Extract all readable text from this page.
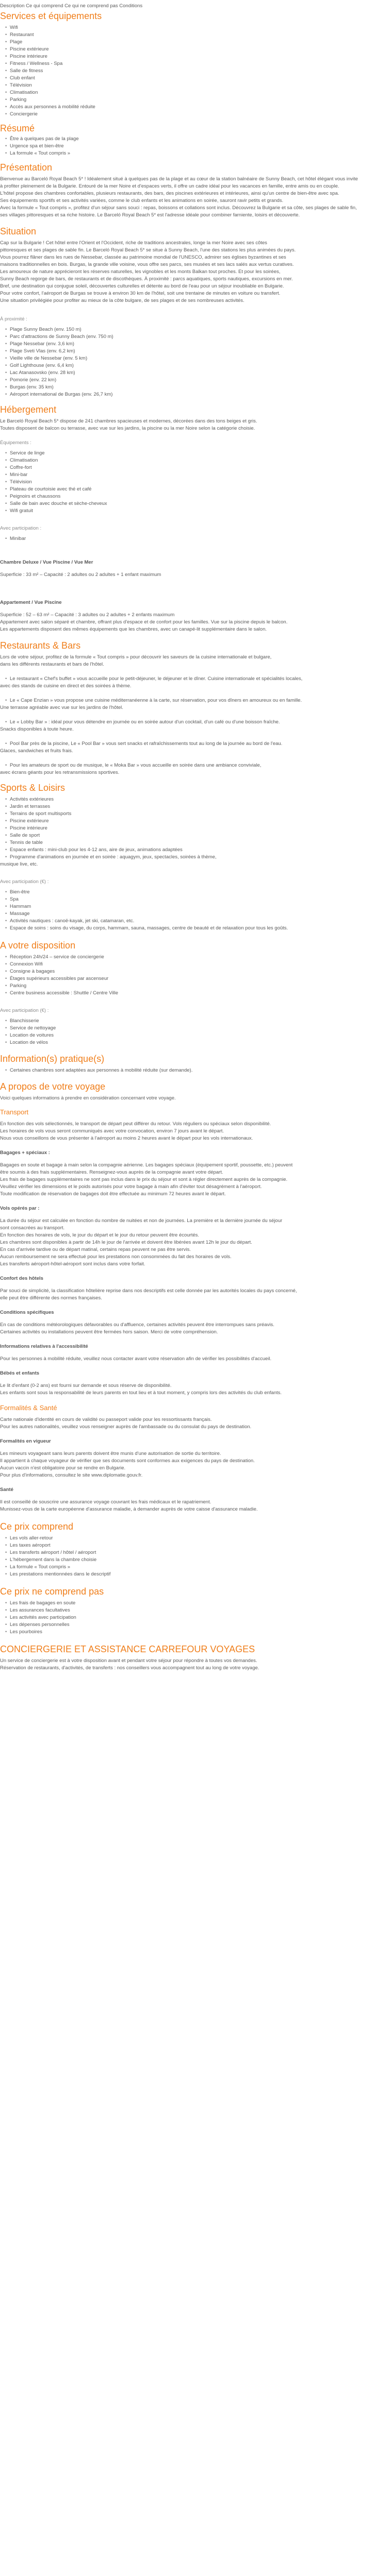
Description Ce qui comprend Ce qui ne comprend pas Conditions
Services et équipements
• Wifi
• Restaurant
• Plage
• Piscine extérieure
• Piscine intérieure
• Fitness / Wellness - Spa
• Salle de fitness
• Club enfant
• Télévision
• Climatisation
• Parking
• Accès aux personnes à mobilité réduite
• Conciergerie
Résumé
• Être à quelques pas de la plage
• Urgence spa et bien-être
• La formule « Tout compris »
Présentation
Bienvenue au Barceló Royal Beach 5* ! Idéalement situé à quelques pas de la plage et au cœur de la station balnéaire de Sunny Beach, cet hôtel élégant vous invite
à profiter pleinement de la Bulgarie. Entouré de la mer Noire et d'espaces verts, il offre un cadre idéal pour les vacances en famille, entre amis ou en couple.
L'hôtel propose des chambres confortables, plusieurs restaurants, des bars, des piscines extérieures et intérieures, ainsi qu'un centre de bien-être avec spa.
Ses équipements sportifs et ses activités variées, comme le club enfants et les animations en soirée, sauront ravir petits et grands.
Avec la formule « Tout compris », profitez d'un séjour sans souci : repas, boissons et collations sont inclus. Découvrez la Bulgarie et sa côte, ses plages de sable fin,
ses villages pittoresques et sa riche histoire. Le Barceló Royal Beach 5* est l'adresse idéale pour combiner farniente, loisirs et découverte.
Situation
Cap sur la Bulgarie ! Cet hôtel entre l'Orient et l'Occident, riche de traditions ancestrales, longe la mer Noire avec ses côtes
pittoresques et ses plages de sable fin. Le Barceló Royal Beach 5* se situe à Sunny Beach, l'une des stations les plus animées du pays.
Vous pourrez flâner dans les rues de Nessebar, classée au patrimoine mondial de l'UNESCO, admirer ses églises byzantines et ses
maisons traditionnelles en bois. Burgas, la grande ville voisine, vous offre ses parcs, ses musées et ses lacs salés aux vertus curatives.
Les amoureux de nature apprécieront les réserves naturelles, les vignobles et les monts Balkan tout proches. Et pour les soirées,
Sunny Beach regorge de bars, de restaurants et de discothèques. À proximité : parcs aquatiques, sports nautiques, excursions en mer.
Bref, une destination qui conjugue soleil, découvertes culturelles et détente au bord de l'eau pour un séjour inoubliable en Bulgarie.
Pour votre confort, l'aéroport de Burgas se trouve à environ 30 km de l'hôtel, soit une trentaine de minutes en voiture ou transfert.
Une situation privilégiée pour profiter au mieux de la côte bulgare, de ses plages et de ses nombreuses activités.
À proximité :
• Plage Sunny Beach (env. 150 m)
• Parc d'attractions de Sunny Beach (env. 750 m)
• Plage Nessebar (env. 3,6 km)
• Plage Sveti Vlas (env. 6,2 km)
• Vieille ville de Nessebar (env. 5 km)
• Golf Lighthouse (env. 6,4 km)
• Lac Atanasovsko (env. 28 km)
• Pomorie (env. 22 km)
• Burgas (env. 35 km)
• Aéroport international de Burgas (env. 26,7 km)
Hébergement
Le Barceló Royal Beach 5* dispose de 241 chambres spacieuses et modernes, décorées dans des tons beiges et gris.
Toutes disposent de balcon ou terrasse, avec vue sur les jardins, la piscine ou la mer Noire selon la catégorie choisie.
Équipements :
• Service de linge
• Climatisation
• Coffre-fort
• Mini-bar
• Télévision
• Plateau de courtoisie avec thé et café
• Peignoirs et chaussons
• Salle de bain avec douche et sèche-cheveux
• Wifi gratuit
Avec participation :
• Minibar
Chambre Deluxe / Vue Piscine / Vue Mer
Superficie : 33 m² – Capacité : 2 adultes ou 2 adultes + 1 enfant maximum
Appartement / Vue Piscine
Superficie : 52 – 63 m² – Capacité : 3 adultes ou 2 adultes + 2 enfants maximum
Appartement avec salon séparé et chambre, offrant plus d'espace et de confort pour les familles. Vue sur la piscine depuis le balcon.
Les appartements disposent des mêmes équipements que les chambres, avec un canapé-lit supplémentaire dans le salon.
Restaurants & Bars
Lors de votre séjour, profitez de la formule « Tout compris » pour découvrir les saveurs de la cuisine internationale et bulgare,
dans les différents restaurants et bars de l'hôtel.
• Le restaurant « Chef's buffet » vous accueille pour le petit-déjeuner, le déjeuner et le dîner. Cuisine internationale et spécialités locales,
avec des stands de cuisine en direct et des soirées à thème.
• Le « Cape Enzian » vous propose une cuisine méditerranéenne à la carte, sur réservation, pour vos dîners en amoureux ou en famille.
Une terrasse agréable avec vue sur les jardins de l'hôtel.
• Le « Lobby Bar » : idéal pour vous détendre en journée ou en soirée autour d'un cocktail, d'un café ou d'une boisson fraîche.
Snacks disponibles à toute heure.
• Pool Bar près de la piscine, Le « Pool Bar » vous sert snacks et rafraîchissements tout au long de la journée au bord de l'eau.
Glaces, sandwiches et fruits frais.
• Pour les amateurs de sport ou de musique, le « Moka Bar » vous accueille en soirée dans une ambiance conviviale,
avec écrans géants pour les retransmissions sportives.
Sports & Loisirs
• Activités extérieures
• Jardin et terrasses
• Terrains de sport multisports
• Piscine extérieure
• Piscine intérieure
• Salle de sport
• Tennis de table
• Espace enfants : mini-club pour les 4-12 ans, aire de jeux, animations adaptées
• Programme d'animations en journée et en soirée : aquagym, jeux, spectacles, soirées à thème,
musique live, etc.
Avec participation (€) :
• Bien-être
• Spa
• Hammam
• Massage
• Activités nautiques : canoë-kayak, jet ski, catamaran, etc.
• Espace de soins : soins du visage, du corps, hammam, sauna, massages, centre de beauté et de relaxation pour tous les goûts.
A votre disposition
• Réception 24h/24 – service de conciergerie
• Connexion Wifi
• Consigne à bagages
• Étages supérieurs accessibles par ascenseur
• Parking
• Centre business accessible : Shuttle / Centre Ville
Avec participation (€) :
• Blanchisserie
• Service de nettoyage
• Location de voitures
• Location de vélos
Information(s) pratique(s)
• Certaines chambres sont adaptées aux personnes à mobilité réduite (sur demande).
A propos de votre voyage
Voici quelques informations à prendre en considération concernant votre voyage.
Transport
En fonction des vols sélectionnés, le transport de départ peut différer du retour. Vols réguliers ou spéciaux selon disponibilité.
Les horaires de vols vous seront communiqués avec votre convocation, environ 7 jours avant le départ.
Nous vous conseillons de vous présenter à l'aéroport au moins 2 heures avant le départ pour les vols internationaux.
Bagages + spéciaux :
Bagages en soute et bagage à main selon la compagnie aérienne. Les bagages spéciaux (équipement sportif, poussette, etc.) peuvent
être soumis à des frais supplémentaires. Renseignez-vous auprès de la compagnie avant votre départ.
Les frais de bagages supplémentaires ne sont pas inclus dans le prix du séjour et sont à régler directement auprès de la compagnie.
Veuillez vérifier les dimensions et le poids autorisés pour votre bagage à main afin d'éviter tout désagrément à l'aéroport.
Toute modification de réservation de bagages doit être effectuée au minimum 72 heures avant le départ.
Vols opérés par :
La durée du séjour est calculée en fonction du nombre de nuitées et non de journées. La première et la dernière journée du séjour
sont consacrées au transport.
En fonction des horaires de vols, le jour du départ et le jour du retour peuvent être écourtés.
Les chambres sont disponibles à partir de 14h le jour de l'arrivée et doivent être libérées avant 12h le jour du départ.
En cas d'arrivée tardive ou de départ matinal, certains repas peuvent ne pas être servis.
Aucun remboursement ne sera effectué pour les prestations non consommées du fait des horaires de vols.
Les transferts aéroport-hôtel-aéroport sont inclus dans votre forfait.
Confort des hôtels
Par souci de simplicité, la classification hôtelière reprise dans nos descriptifs est celle donnée par les autorités locales du pays concerné,
elle peut être différente des normes françaises.
Conditions spécifiques
En cas de conditions météorologiques défavorables ou d'affluence, certaines activités peuvent être interrompues sans préavis.
Certaines activités ou installations peuvent être fermées hors saison. Merci de votre compréhension.
Informations relatives à l'accessibilité
Pour les personnes à mobilité réduite, veuillez nous contacter avant votre réservation afin de vérifier les possibilités d'accueil.
Bébés et enfants
Le lit d'enfant (0-2 ans) est fourni sur demande et sous réserve de disponibilité.
Les enfants sont sous la responsabilité de leurs parents en tout lieu et à tout moment, y compris lors des activités du club enfants.
Formalités & Santé
Carte nationale d'identité en cours de validité ou passeport valide pour les ressortissants français.
Pour les autres nationalités, veuillez vous renseigner auprès de l'ambassade ou du consulat du pays de destination.
Formalités en vigueur
Les mineurs voyageant sans leurs parents doivent être munis d'une autorisation de sortie du territoire.
Il appartient à chaque voyageur de vérifier que ses documents sont conformes aux exigences du pays de destination.
Aucun vaccin n'est obligatoire pour se rendre en Bulgarie.
Pour plus d'informations, consultez le site www.diplomatie.gouv.fr.
Santé
Il est conseillé de souscrire une assurance voyage couvrant les frais médicaux et le rapatriement.
Munissez-vous de la carte européenne d'assurance maladie, à demander auprès de votre caisse d'assurance maladie.
Ce prix comprend
• Les vols aller-retour
• Les taxes aéroport
• Les transferts aéroport / hôtel / aéroport
• L'hébergement dans la chambre choisie
• La formule « Tout compris »
• Les prestations mentionnées dans le descriptif
Ce prix ne comprend pas
• Les frais de bagages en soute
• Les assurances facultatives
• Les activités avec participation
• Les dépenses personnelles
• Les pourboires
CONCIERGERIE ET ASSISTANCE CARREFOUR VOYAGES
Un service de conciergerie est à votre disposition avant et pendant votre séjour pour répondre à toutes vos demandes.
Réservation de restaurants, d'activités, de transferts : nos conseillers vous accompagnent tout au long de votre voyage.
